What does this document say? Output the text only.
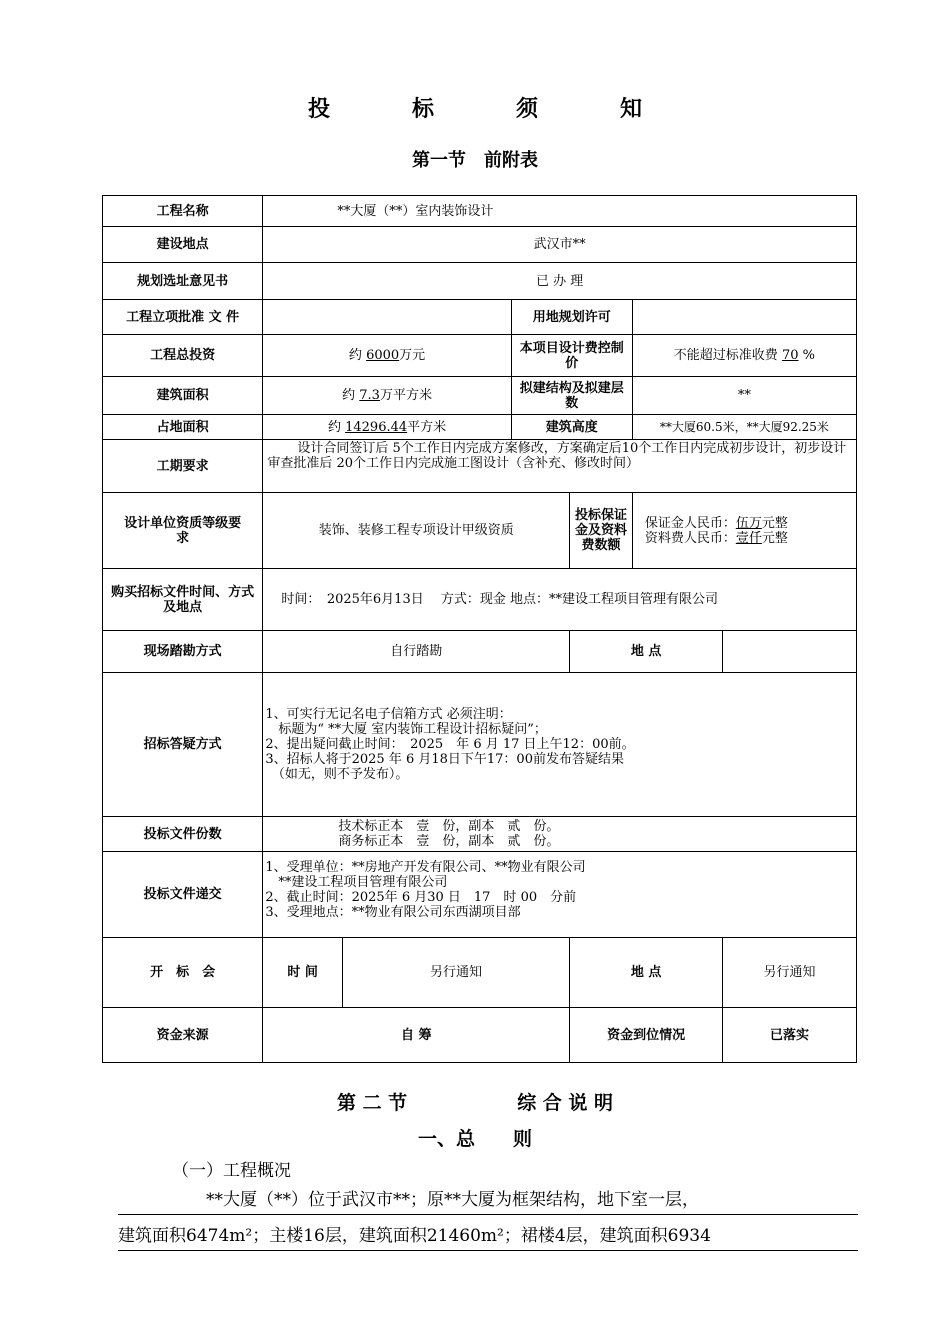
投	标	须	知
第一节　前附表
工程名称	**大厦（**）室内装饰设计					
建设地点	武汉市**					
规划选址意见书	已 办 理					
工程立项批准 文 件			用地规划许可			
工程总投资	约 6000万元		本项目设计费控制价		不能超过标准收费 70 %	
建筑面积	约 7.3万平方米		拟建结构及拟建层数		**	
占地面积	约 14296.44平方米		建筑高度		**大厦60.5米，**大厦92.25米	
工期要求	设计合同签订后 5个工作日内完成方案修改，方案确定后10个工作日内完成初步设计，初步设计审查批准后 20个工作日内完成施工图设计（含补充、修改时间）					
设计单位资质等级要求	装饰、装修工程专项设计甲级资质			投标保证金及资料费数额	保证金人民币：伍万元整
资料费人民币：壹仟元整	

购买招标文件时间、方式及地点	时间：　2025年6月13日　 方式：现金 地点：**建设工程项目管理有限公司					
现场踏勘方式	自行踏勘			地 点		
招标答疑方式	1、可实行无记名电子信箱方式 必须注明：
　标题为“ **大厦 室内装饰工程设计招标疑问”；
2、提出疑问截止时间：　2025　年 6 月 17 日上午12：00前。
3、招标人将于2025 年 6 月18日下午17：00前发布答疑结果
　（如无，则不予发布）。					

投标文件份数	技术标正本　壹　份，副本　贰　份。
商务标正本　壹　份，副本　贰　份。					

投标文件递交	1、受理单位：**房地产开发有限公司、**物业有限公司
　**建设工程项目管理有限公司
2、截止时间：2025年 6 月30 日　17　时 00　分前
3、受理地点：**物业有限公司东西湖项目部					

开　标　会	时 间	另行通知		地 点		另行通知
资金来源	自 筹			资金到位情况		已落实
第 二 节	综 合 说 明
一、总　　则
（一）工程概况
**大厦（**）位于武汉市**；原**大厦为框架结构，地下室一层，
建筑面积6474m²；主楼16层，建筑面积21460m²；裙楼4层，建筑面积6934
